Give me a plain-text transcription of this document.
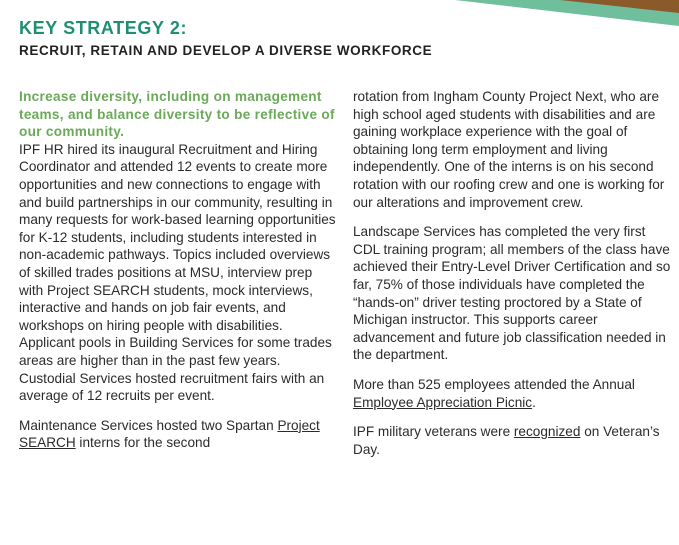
KEY STRATEGY 2:
RECRUIT, RETAIN AND DEVELOP A DIVERSE WORKFORCE

Increase diversity, including on management teams, and balance diversity to be reflective of our community.

IPF HR hired its inaugural Recruitment and Hiring Coordinator and attended 12 events to create more opportunities and new connections to engage with and build partnerships in our community, resulting in many requests for work-based learning opportunities for K-12 students, including students interested in non-academic pathways. Topics included overviews of skilled trades positions at MSU, interview prep with Project SEARCH students, mock interviews, interactive and hands on job fair events, and workshops on hiring people with disabilities. Applicant pools in Building Services for some trades areas are higher than in the past few years. Custodial Services hosted recruitment fairs with an average of 12 recruits per event.

Maintenance Services hosted two Spartan Project SEARCH interns for the second

rotation from Ingham County Project Next, who are high school aged students with disabilities and are gaining workplace experience with the goal of obtaining long term employment and living independently. One of the interns is on his second rotation with our roofing crew and one is working for our alterations and improvement crew.

Landscape Services has completed the very first CDL training program; all members of the class have achieved their Entry-Level Driver Certification and so far, 75% of those individuals have completed the “hands-on” driver testing proctored by a State of Michigan instructor. This supports career advancement and future job classification needed in the department.

More than 525 employees attended the Annual Employee Appreciation Picnic.

IPF military veterans were recognized on Veteran’s Day.
